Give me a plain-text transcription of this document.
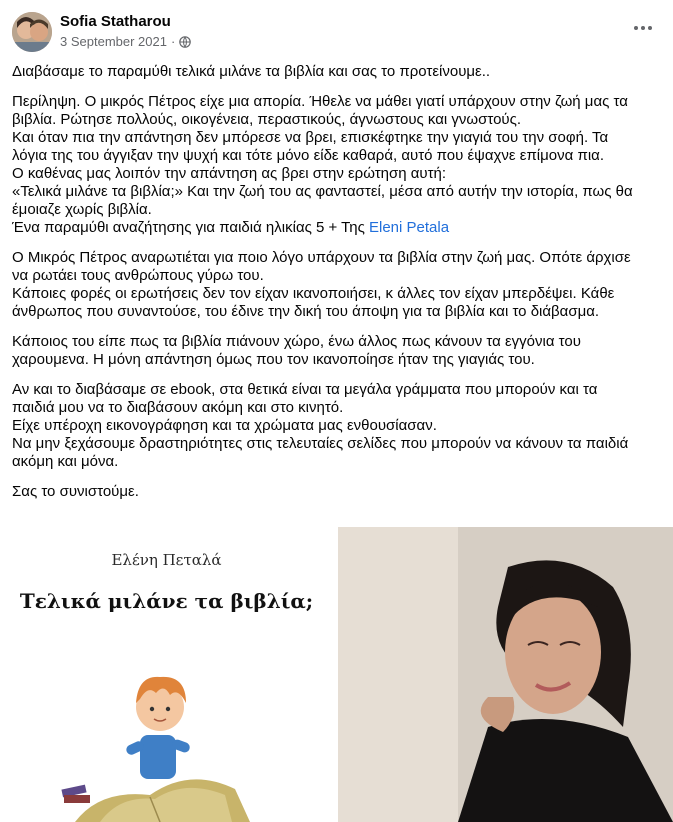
Sofia Statharou
3 September 2021 ·

Διαβάσαμε το παραμύθι τελικά μιλάνε τα βιβλία και σας το προτείνουμε..

Περίληψη. Ο μικρός Πέτρος είχε μια απορία. Ήθελε να μάθει γιατί υπάρχουν στην ζωή μας τα
βιβλία. Ρώτησε πολλούς, οικογένεια, περαστικούς, άγνωστους και γνωστούς.
Και όταν πια την απάντηση δεν μπόρεσε να βρει, επισκέφτηκε την γιαγιά του την σοφή. Τα
λόγια της του άγγιξαν την ψυχή και τότε μόνο είδε καθαρά, αυτό που έψαχνε επίμονα πια.
Ο καθένας μας λοιπόν την απάντηση ας βρει στην ερώτηση αυτή:
«Τελικά μιλάνε τα βιβλία;» Και την ζωή του ας φανταστεί, μέσα από αυτήν την ιστορία, πως θα
έμοιαζε χωρίς βιβλία.
Ένα παραμύθι αναζήτησης για παιδιά ηλικίας 5 + Της Eleni Petala

Ο Μικρός Πέτρος αναρωτιέται για ποιο λόγο υπάρχουν τα βιβλία στην ζωή μας. Οπότε άρχισε
να ρωτάει τους ανθρώπους γύρω του.
Κάποιες φορές οι ερωτήσεις δεν τον είχαν ικανοποιήσει, κ άλλες τον είχαν μπερδέψει. Κάθε
άνθρωπος που συναντούσε, του έδινε την δική του άποψη για τα βιβλία και το διάβασμα.

Κάποιος του είπε πως τα βιβλία πιάνουν χώρο, ένω άλλος πως κάνουν τα εγγόνια του
χαρουμενα. Η μόνη απάντηση όμως που τον ικανοποίησε ήταν της γιαγιάς του.

Αν και το διαβάσαμε σε ebook, στα θετικά είναι τα μεγάλα γράμματα που μπορούν και τα
παιδιά μου να το διαβάσουν ακόμη και στο κινητό.
Είχε υπέροχη εικονογράφηση και τα χρώματα μας ενθουσίασαν.
Να μην ξεχάσουμε δραστηριότητες στις τελευταίες σελίδες που μπορούν να κάνουν τα παιδιά
ακόμη και μόνα.

Σας το συνιστούμε.

Ελένη Πεταλά
Τελικά μιλάνε τα βιβλία;
